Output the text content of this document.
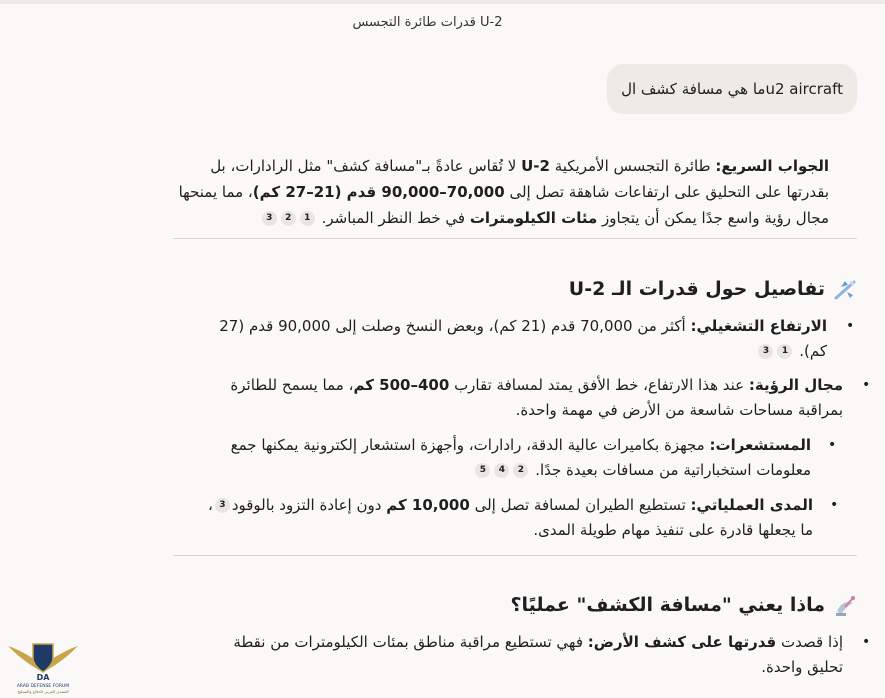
قدرات طائرة التجسس U-2
ما هي مسافة كشف الu2 aircraft
الجواب السريع: طائرة التجسس الأمريكية U-2 لا تُقاس عادةً بـ"مسافة كشف" مثل الرادارات، بل بقدرتها على التحليق على ارتفاعات شاهقة تصل إلى 70,000–90,000 قدم (21–27 كم)، مما يمنحها مجال رؤية واسع جدًا يمكن أن يتجاوز مئات الكيلومترات في خط النظر المباشر. 123
تفاصيل حول قدرات الـ U-2
•
الارتفاع التشغيلي: أكثر من 70,000 قدم (21 كم)، وبعض النسخ وصلت إلى 90,000 قدم (27 كم). 13
•
مجال الرؤية: عند هذا الارتفاع، خط الأفق يمتد لمسافة تقارب 400–500 كم، مما يسمح للطائرة بمراقبة مساحات شاسعة من الأرض في مهمة واحدة.
•
المستشعرات: مجهزة بكاميرات عالية الدقة، رادارات، وأجهزة استشعار إلكترونية يمكنها جمع معلومات استخباراتية من مسافات بعيدة جدًا. 245
•
المدى العملياتي: تستطيع الطيران لمسافة تصل إلى 10,000 كم دون إعادة التزود بالوقود3، ما يجعلها قادرة على تنفيذ مهام طويلة المدى.
ماذا يعني "مسافة الكشف" عمليًا؟
•
إذا قصدت قدرتها على كشف الأرض: فهي تستطيع مراقبة مناطق بمئات الكيلومترات من نقطة تحليق واحدة.
DA
ARAB DEFENSE FORUM
المنتدى العربي للدفاع والتسليح
